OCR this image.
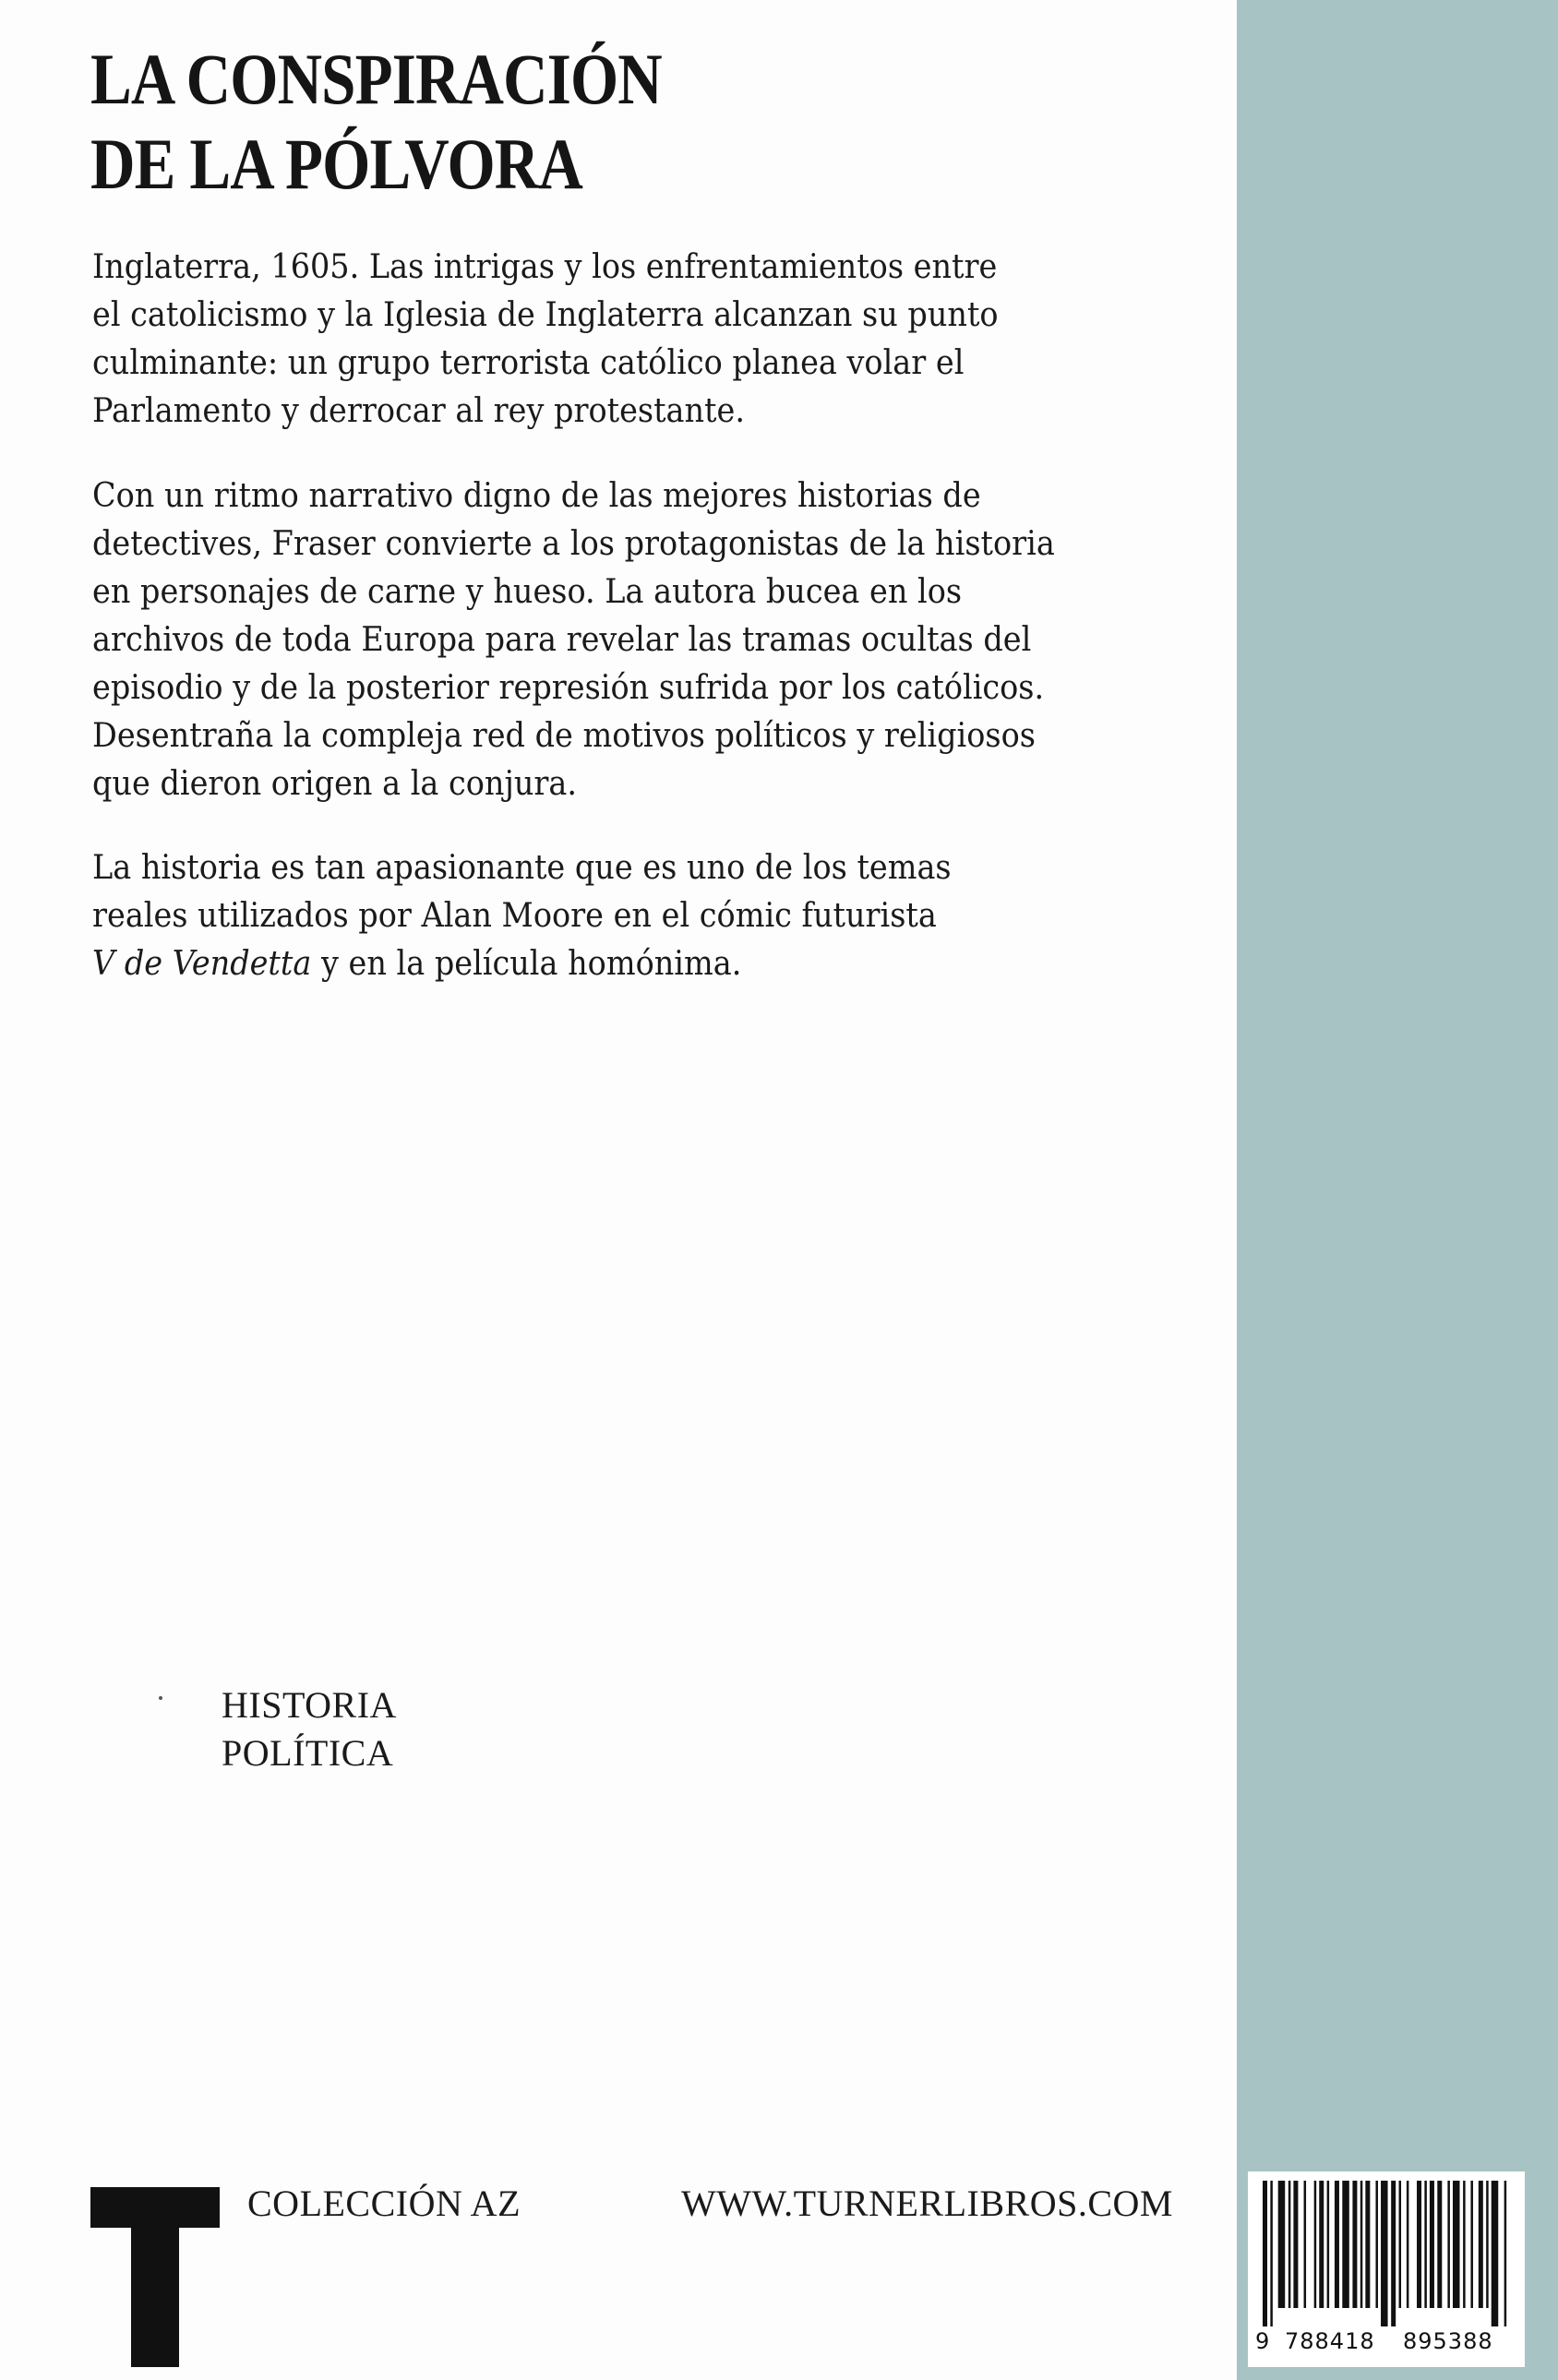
LA CONSPIRACIÓN
DE LA PÓLVORA
Inglaterra, 1605. Las intrigas y los enfrentamientos entre
el catolicismo y la Iglesia de Inglaterra alcanzan su punto
culminante: un grupo terrorista católico planea volar el
Parlamento y derrocar al rey protestante.
Con un ritmo narrativo digno de las mejores historias de
detectives, Fraser convierte a los protagonistas de la historia
en personajes de carne y hueso. La autora bucea en los
archivos de toda Europa para revelar las tramas ocultas del
episodio y de la posterior represión sufrida por los católicos.
Desentraña la compleja red de motivos políticos y religiosos
que dieron origen a la conjura.
La historia es tan apasionante que es uno de los temas
reales utilizados por Alan Moore en el cómic futurista
V de Vendetta y en la película homónima.
HISTORIA
POLÍTICA
COLECCIÓN AZ	WWW.TURNERLIBROS.COM
9 788418 895388
